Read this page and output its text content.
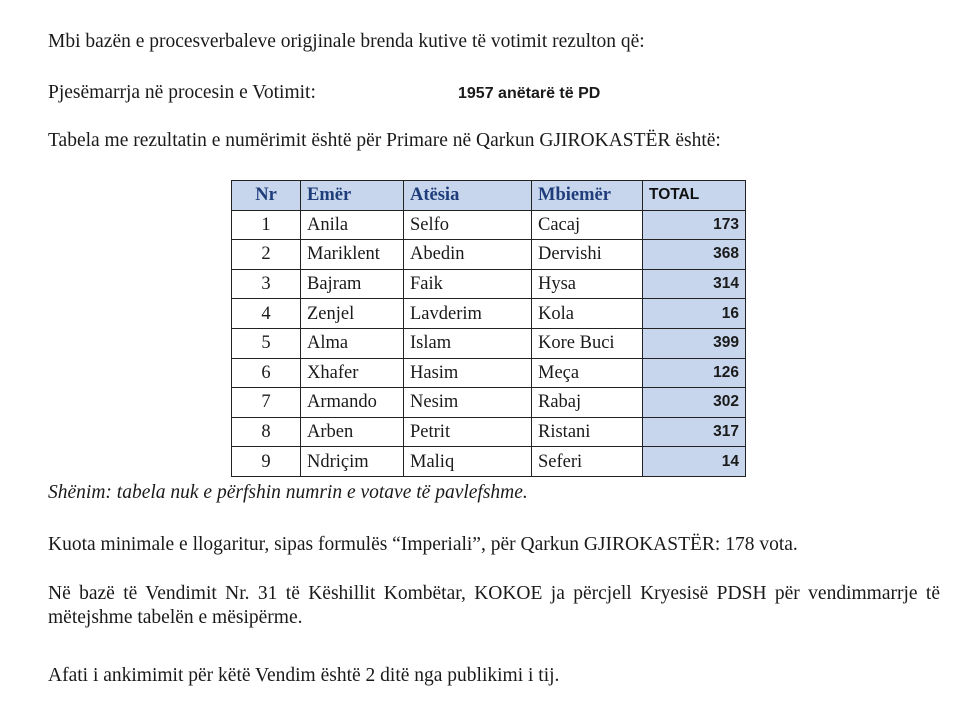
Mbi bazën e procesverbaleve origjinale brenda kutive të votimit rezulton që:
Pjesëmarrja në procesin e Votimit:	1957 anëtarë të PD
Tabela me rezultatin e numërimit është për Primare në Qarkun GJIROKASTËR është:
Nr	Emër	Atësia	Mbiemër	TOTAL
1	Anila	Selfo	Cacaj	173
2	Mariklent	Abedin	Dervishi	368
3	Bajram	Faik	Hysa	314
4	Zenjel	Lavderim	Kola	16
5	Alma	Islam	Kore Buci	399
6	Xhafer	Hasim	Meça	126
7	Armando	Nesim	Rabaj	302
8	Arben	Petrit	Ristani	317
9	Ndriçim	Maliq	Seferi	14
Shënim: tabela nuk e përfshin numrin e votave të pavlefshme.
Kuota minimale e llogaritur, sipas formulës “Imperiali”, për Qarkun GJIROKASTËR: 178 vota.
Në bazë të Vendimit Nr. 31 të Këshillit Kombëtar, KOKOE ja përcjell Kryesisë PDSH për vendimmarrje të mëtejshme tabelën e mësipërme.
Afati i ankimimit për këtë Vendim është 2 ditë nga publikimi i tij.
